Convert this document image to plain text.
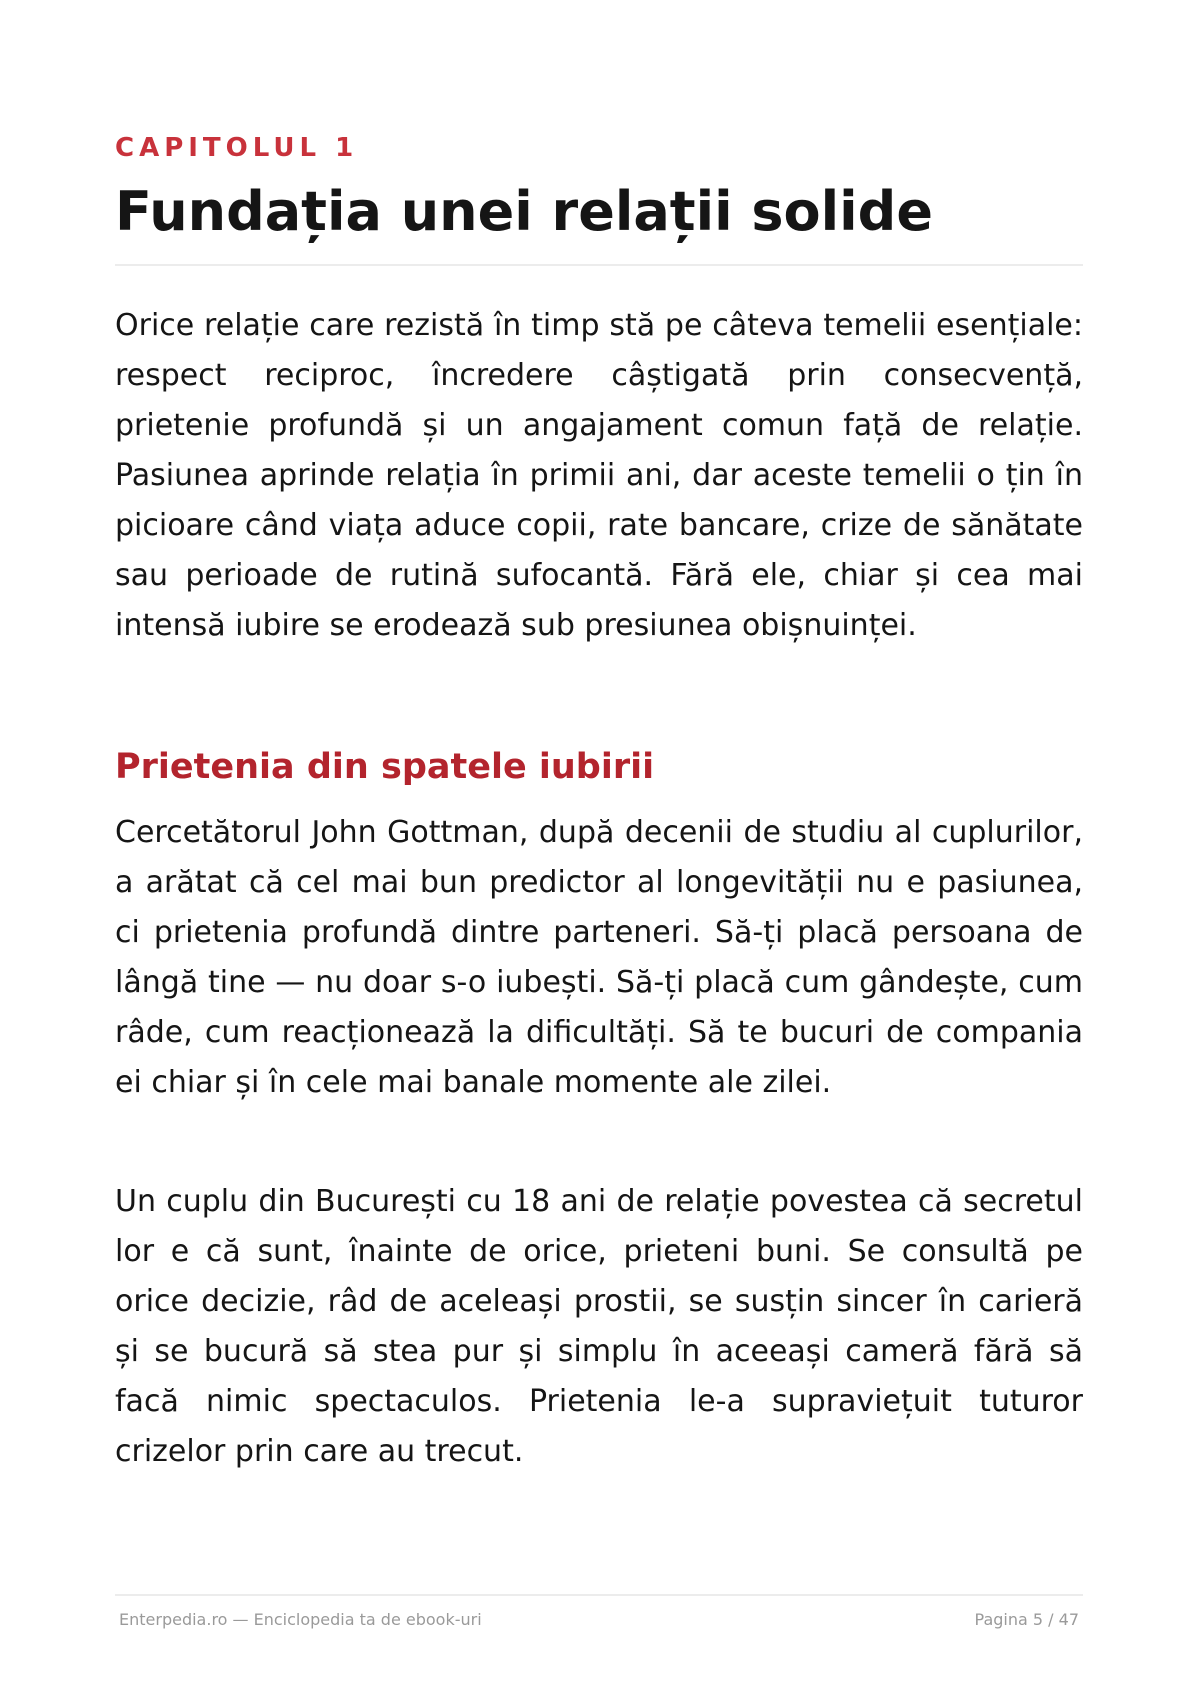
CAPITOLUL 1
Fundația unei relații solide

Orice relație care rezistă în timp stă pe câteva temelii esențiale: respect reciproc, încredere câștigată prin consecvență, prietenie profundă și un angajament comun față de relație. Pasiunea aprinde relația în primii ani, dar aceste temelii o țin în picioare când viața aduce copii, rate bancare, crize de sănătate sau perioade de rutină sufocantă. Fără ele, chiar și cea mai intensă iubire se erodează sub presiunea obișnuinței.

Prietenia din spatele iubirii

Cercetătorul John Gottman, după decenii de studiu al cuplurilor, a arătat că cel mai bun predictor al longevității nu e pasiunea, ci prietenia profundă dintre parteneri. Să-ți placă persoana de lângă tine — nu doar s-o iubești. Să-ți placă cum gândește, cum râde, cum reacționează la dificultăți. Să te bucuri de compania ei chiar și în cele mai banale momente ale zilei.

Un cuplu din București cu 18 ani de relație povestea că secretul lor e că sunt, înainte de orice, prieteni buni. Se consultă pe orice decizie, râd de aceleași prostii, se susțin sincer în carieră și se bucură să stea pur și simplu în aceeași cameră fără să facă nimic spectaculos. Prietenia le-a supraviețuit tuturor crizelor prin care au trecut.

Enterpedia.ro — Enciclopedia ta de ebook-uri	Pagina 5 / 47
